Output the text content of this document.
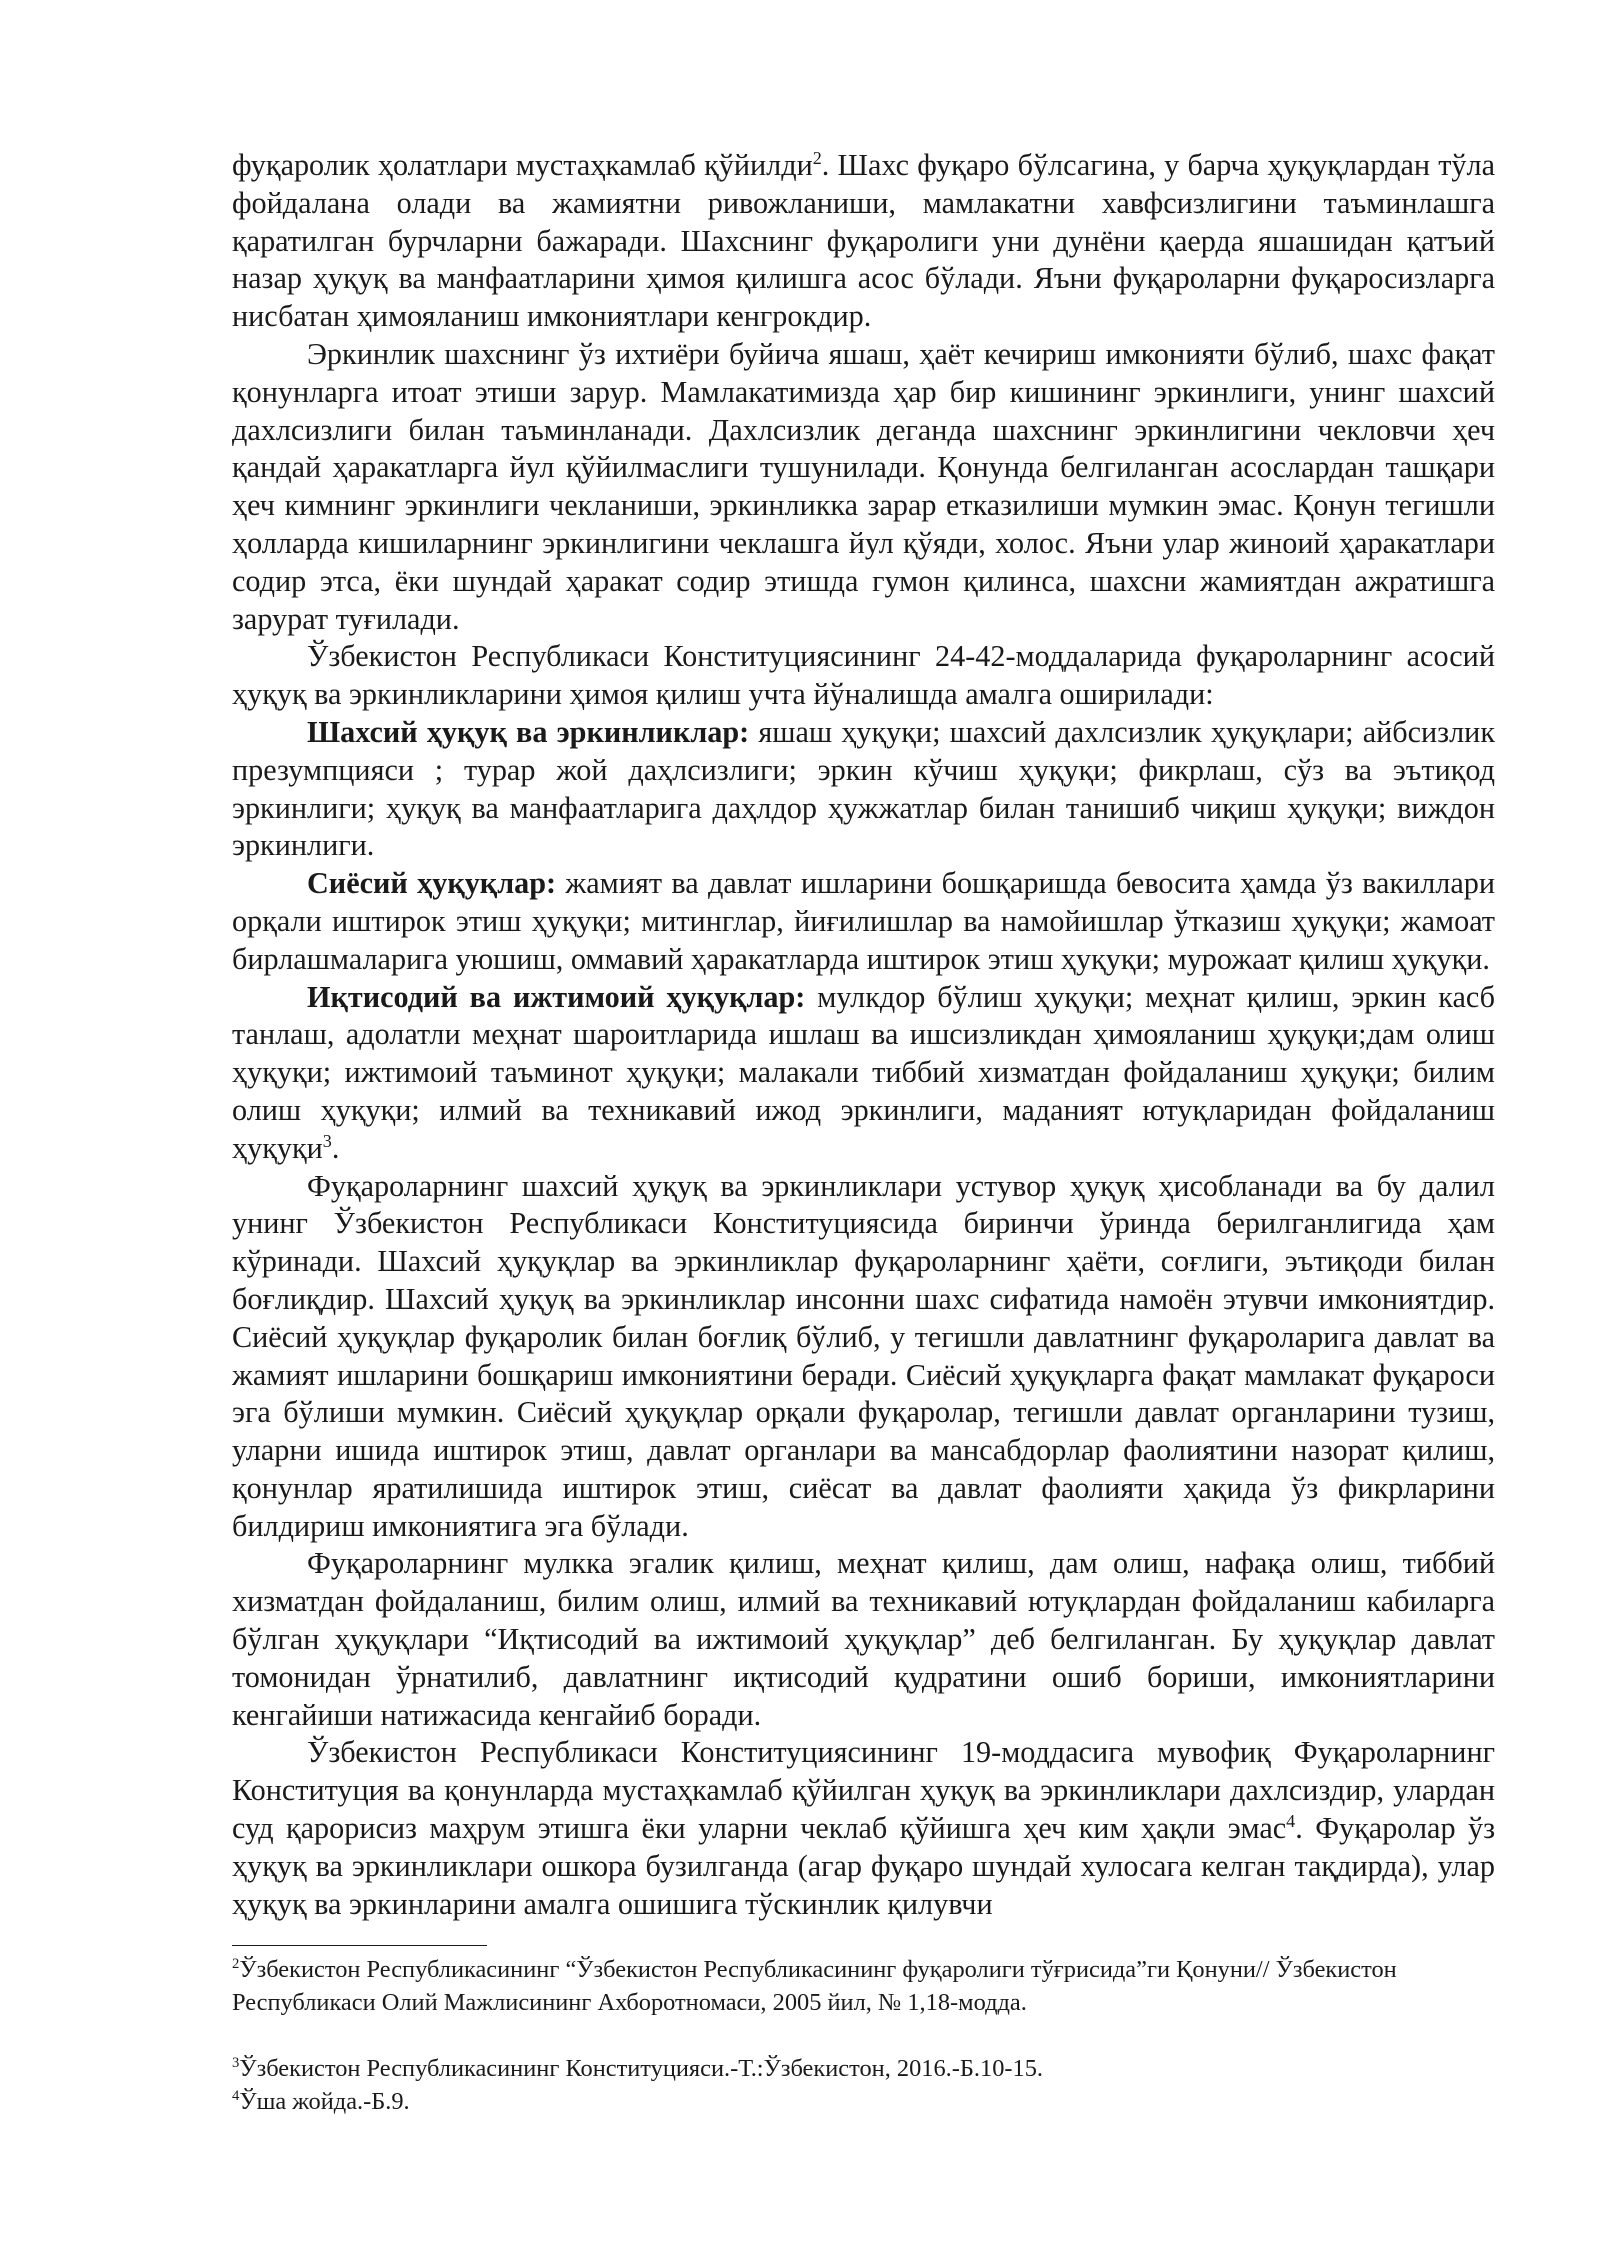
фуқаролик ҳолатлари мустаҳкамлаб қўйилди$^2$. Шахс фуқаро бўлсагина, у барча ҳуқуқлардан тўла фойдалана олади ва жамиятни ривожланиши, мамлакатни хавфсизлигини таъминлашга қаратилган бурчларни бажаради. Шахснинг фуқаролиги уни дунёни қаерда яшашидан қатъий назар ҳуқуқ ва манфаатларини ҳимоя қилишга асос бўлади. Яъни фуқароларни фуқаросизларга нисбатан ҳимояланиш имкониятлари кенгрокдир.

Эркинлик шахснинг ўз ихтиёри буйича яшаш, ҳаёт кечириш имконияти бўлиб, шахс фақат қонунларга итоат этиши зарур. Мамлакатимизда ҳар бир кишининг эркинлиги, унинг шахсий дахлсизлиги билан таъминланади. Дахлсизлик деганда шахснинг эркинлигини чекловчи ҳеч қандай ҳаракатларга йул қўйилмаслиги тушунилади. Қонунда белгиланган асослардан ташқари ҳеч кимнинг эркинлиги чекланиши, эркинликка зарар етказилиши мумкин эмас. Қонун тегишли ҳолларда кишиларнинг эркинлигини чеклашга йул қўяди, холос. Яъни улар жиноий ҳаракатлари содир этса, ёки шундай ҳаракат содир этишда гумон қилинса, шахсни жамиятдан ажратишга зарурат туғилади.

Ўзбекистон Республикаси Конституциясининг 24-42-моддаларида фуқароларнинг асосий ҳуқуқ ва эркинликларини ҳимоя қилиш учта йўналишда амалга оширилади:

Шахсий ҳуқуқ ва эркинликлар: яшаш ҳуқуқи; шахсий дахлсизлик ҳуқуқлари; айбсизлик презумпцияси ; турар жой даҳлсизлиги; эркин кўчиш ҳуқуқи; фикрлаш, сўз ва эътиқод эркинлиги; ҳуқуқ ва манфаатларига даҳлдор ҳужжатлар билан танишиб чиқиш ҳуқуқи; виждон эркинлиги.

Сиёсий ҳуқуқлар: жамият ва давлат ишларини бошқаришда бевосита ҳамда ўз вакиллари орқали иштирок этиш ҳуқуқи; митинглар, йиғилишлар ва намойишлар ўтказиш ҳуқуқи; жамоат бирлашмаларига уюшиш, оммавий ҳаракатларда иштирок этиш ҳуқуқи; мурожаат қилиш ҳуқуқи.

Иқтисодий ва ижтимоий ҳуқуқлар: мулкдор бўлиш ҳуқуқи; меҳнат қилиш, эркин касб танлаш, адолатли меҳнат шароитларида ишлаш ва ишсизликдан ҳимояланиш ҳуқуқи;дам олиш ҳуқуқи; ижтимоий таъминот ҳуқуқи; малакали тиббий хизматдан фойдаланиш ҳуқуқи; билим олиш ҳуқуқи; илмий ва техникавий ижод эркинлиги, маданият ютуқларидан фойдаланиш ҳуқуқи$^3$.

Фуқароларнинг шахсий ҳуқуқ ва эркинликлари устувор ҳуқуқ ҳисобланади ва бу далил унинг Ўзбекистон Республикаси Конституциясида биринчи ўринда берилганлигида ҳам кўринади. Шахсий ҳуқуқлар ва эркинликлар фуқароларнинг ҳаёти, соғлиги, эътиқоди билан боғлиқдир. Шахсий ҳуқуқ ва эркинликлар инсонни шахс сифатида намоён этувчи имкониятдир. Сиёсий ҳуқуқлар фуқаролик билан боғлиқ бўлиб, у тегишли давлатнинг фуқароларига давлат ва жамият ишларини бошқариш имкониятини беради. Сиёсий ҳуқуқларга фақат мамлакат фуқароси эга бўлиши мумкин. Сиёсий ҳуқуқлар орқали фуқаролар, тегишли давлат органларини тузиш, уларни ишида иштирок этиш, давлат органлари ва мансабдорлар фаолиятини назорат қилиш, қонунлар яратилишида иштирок этиш, сиёсат ва давлат фаолияти ҳақида ўз фикрларини билдириш имкониятига эга бўлади.

Фуқароларнинг мулкка эгалик қилиш, меҳнат қилиш, дам олиш, нафақа олиш, тиббий хизматдан фойдаланиш, билим олиш, илмий ва техникавий ютуқлардан фойдаланиш кабиларга бўлган ҳуқуқлари “Иқтисодий ва ижтимоий ҳуқуқлар” деб белгиланган. Бу ҳуқуқлар давлат томонидан ўрнатилиб, давлатнинг иқтисодий қудратини ошиб бориши, имкониятларини кенгайиши натижасида кенгайиб боради.

Ўзбекистон Республикаси Конституциясининг 19-моддасига мувофиқ Фуқароларнинг Конституция ва қонунларда мустаҳкамлаб қўйилган ҳуқуқ ва эркинликлари дахлсиздир, улардан суд қарорисиз маҳрум этишга ёки уларни чеклаб қўйишга ҳеч ким ҳақли эмас$^4$. Фуқаролар ўз ҳуқуқ ва эркинликлари ошкора бузилганда (агар фуқаро шундай хулосага келган тақдирда), улар ҳуқуқ ва эркинларини амалга ошишига тўскинлик қилувчи

$^2$Ўзбекистон Республикасининг “Ўзбекистон Республикасининг фуқаролиги тўғрисида”ги Қонуни// Ўзбекистон Республикаси Олий Мажлисининг Ахборотномаси, 2005 йил, № 1,18-модда.

$^3$Ўзбекистон Республикасининг Конституцияси.-Т.:Ўзбекистон, 2016.-Б.10-15.

$^4$Ўша жойда.-Б.9.
